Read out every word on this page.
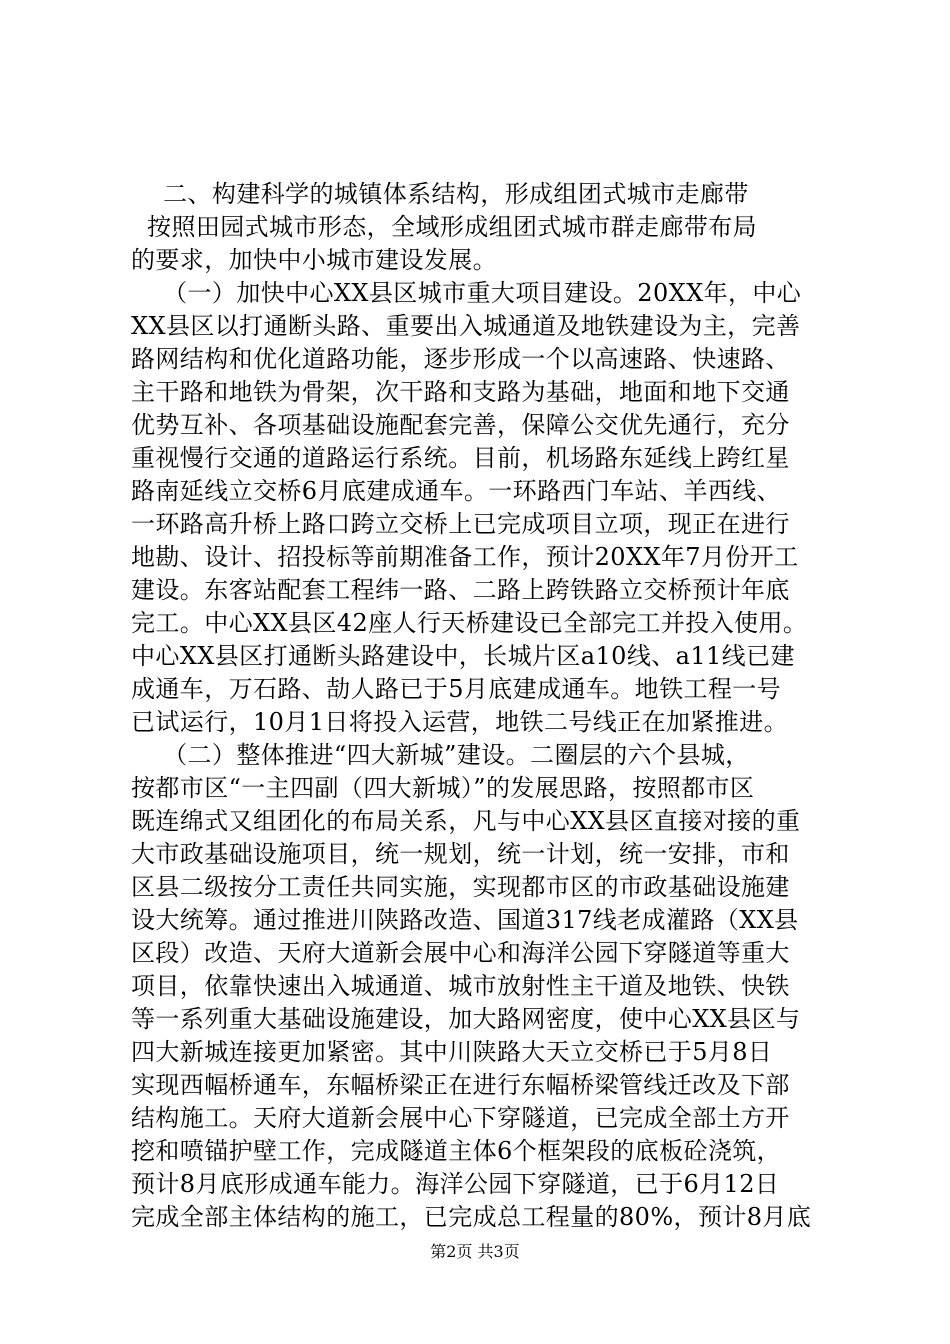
二、构建科学的城镇体系结构，形成组团式城市走廊带
按照田园式城市形态，全域形成组团式城市群走廊带布局
的要求，加快中小城市建设发展。
（一）加快中心XX县区城市重大项目建设。20XX年，中心
XX县区以打通断头路、重要出入城通道及地铁建设为主，完善
路网结构和优化道路功能，逐步形成一个以高速路、快速路、
主干路和地铁为骨架，次干路和支路为基础，地面和地下交通
优势互补、各项基础设施配套完善，保障公交优先通行，充分
重视慢行交通的道路运行系统。目前，机场路东延线上跨红星
路南延线立交桥6月底建成通车。一环路西门车站、羊西线、
一环路高升桥上路口跨立交桥上已完成项目立项，现正在进行
地勘、设计、招投标等前期准备工作，预计20XX年7月份开工
建设。东客站配套工程纬一路、二路上跨铁路立交桥预计年底
完工。中心XX县区42座人行天桥建设已全部完工并投入使用。
中心XX县区打通断头路建设中，长城片区a10线、a11线已建
成通车，万石路、劼人路已于5月底建成通车。地铁工程一号
已试运行，10月1日将投入运营，地铁二号线正在加紧推进。
（二）整体推进“四大新城”建设。二圈层的六个县城，
按都市区“一主四副（四大新城）”的发展思路，按照都市区
既连绵式又组团化的布局关系，凡与中心XX县区直接对接的重
大市政基础设施项目，统一规划，统一计划，统一安排，市和
区县二级按分工责任共同实施，实现都市区的市政基础设施建
设大统筹。通过推进川陕路改造、国道317线老成灌路（XX县
区段）改造、天府大道新会展中心和海洋公园下穿隧道等重大
项目，依靠快速出入城通道、城市放射性主干道及地铁、快铁
等一系列重大基础设施建设，加大路网密度，使中心XX县区与
四大新城连接更加紧密。其中川陕路大天立交桥已于5月8日
实现西幅桥通车，东幅桥梁正在进行东幅桥梁管线迁改及下部
结构施工。天府大道新会展中心下穿隧道，已完成全部土方开
挖和喷锚护壁工作，完成隧道主体6个框架段的底板砼浇筑，
预计8月底形成通车能力。海洋公园下穿隧道，已于6月12日
完成全部主体结构的施工，已完成总工程量的80%，预计8月底
第2页 共3页
